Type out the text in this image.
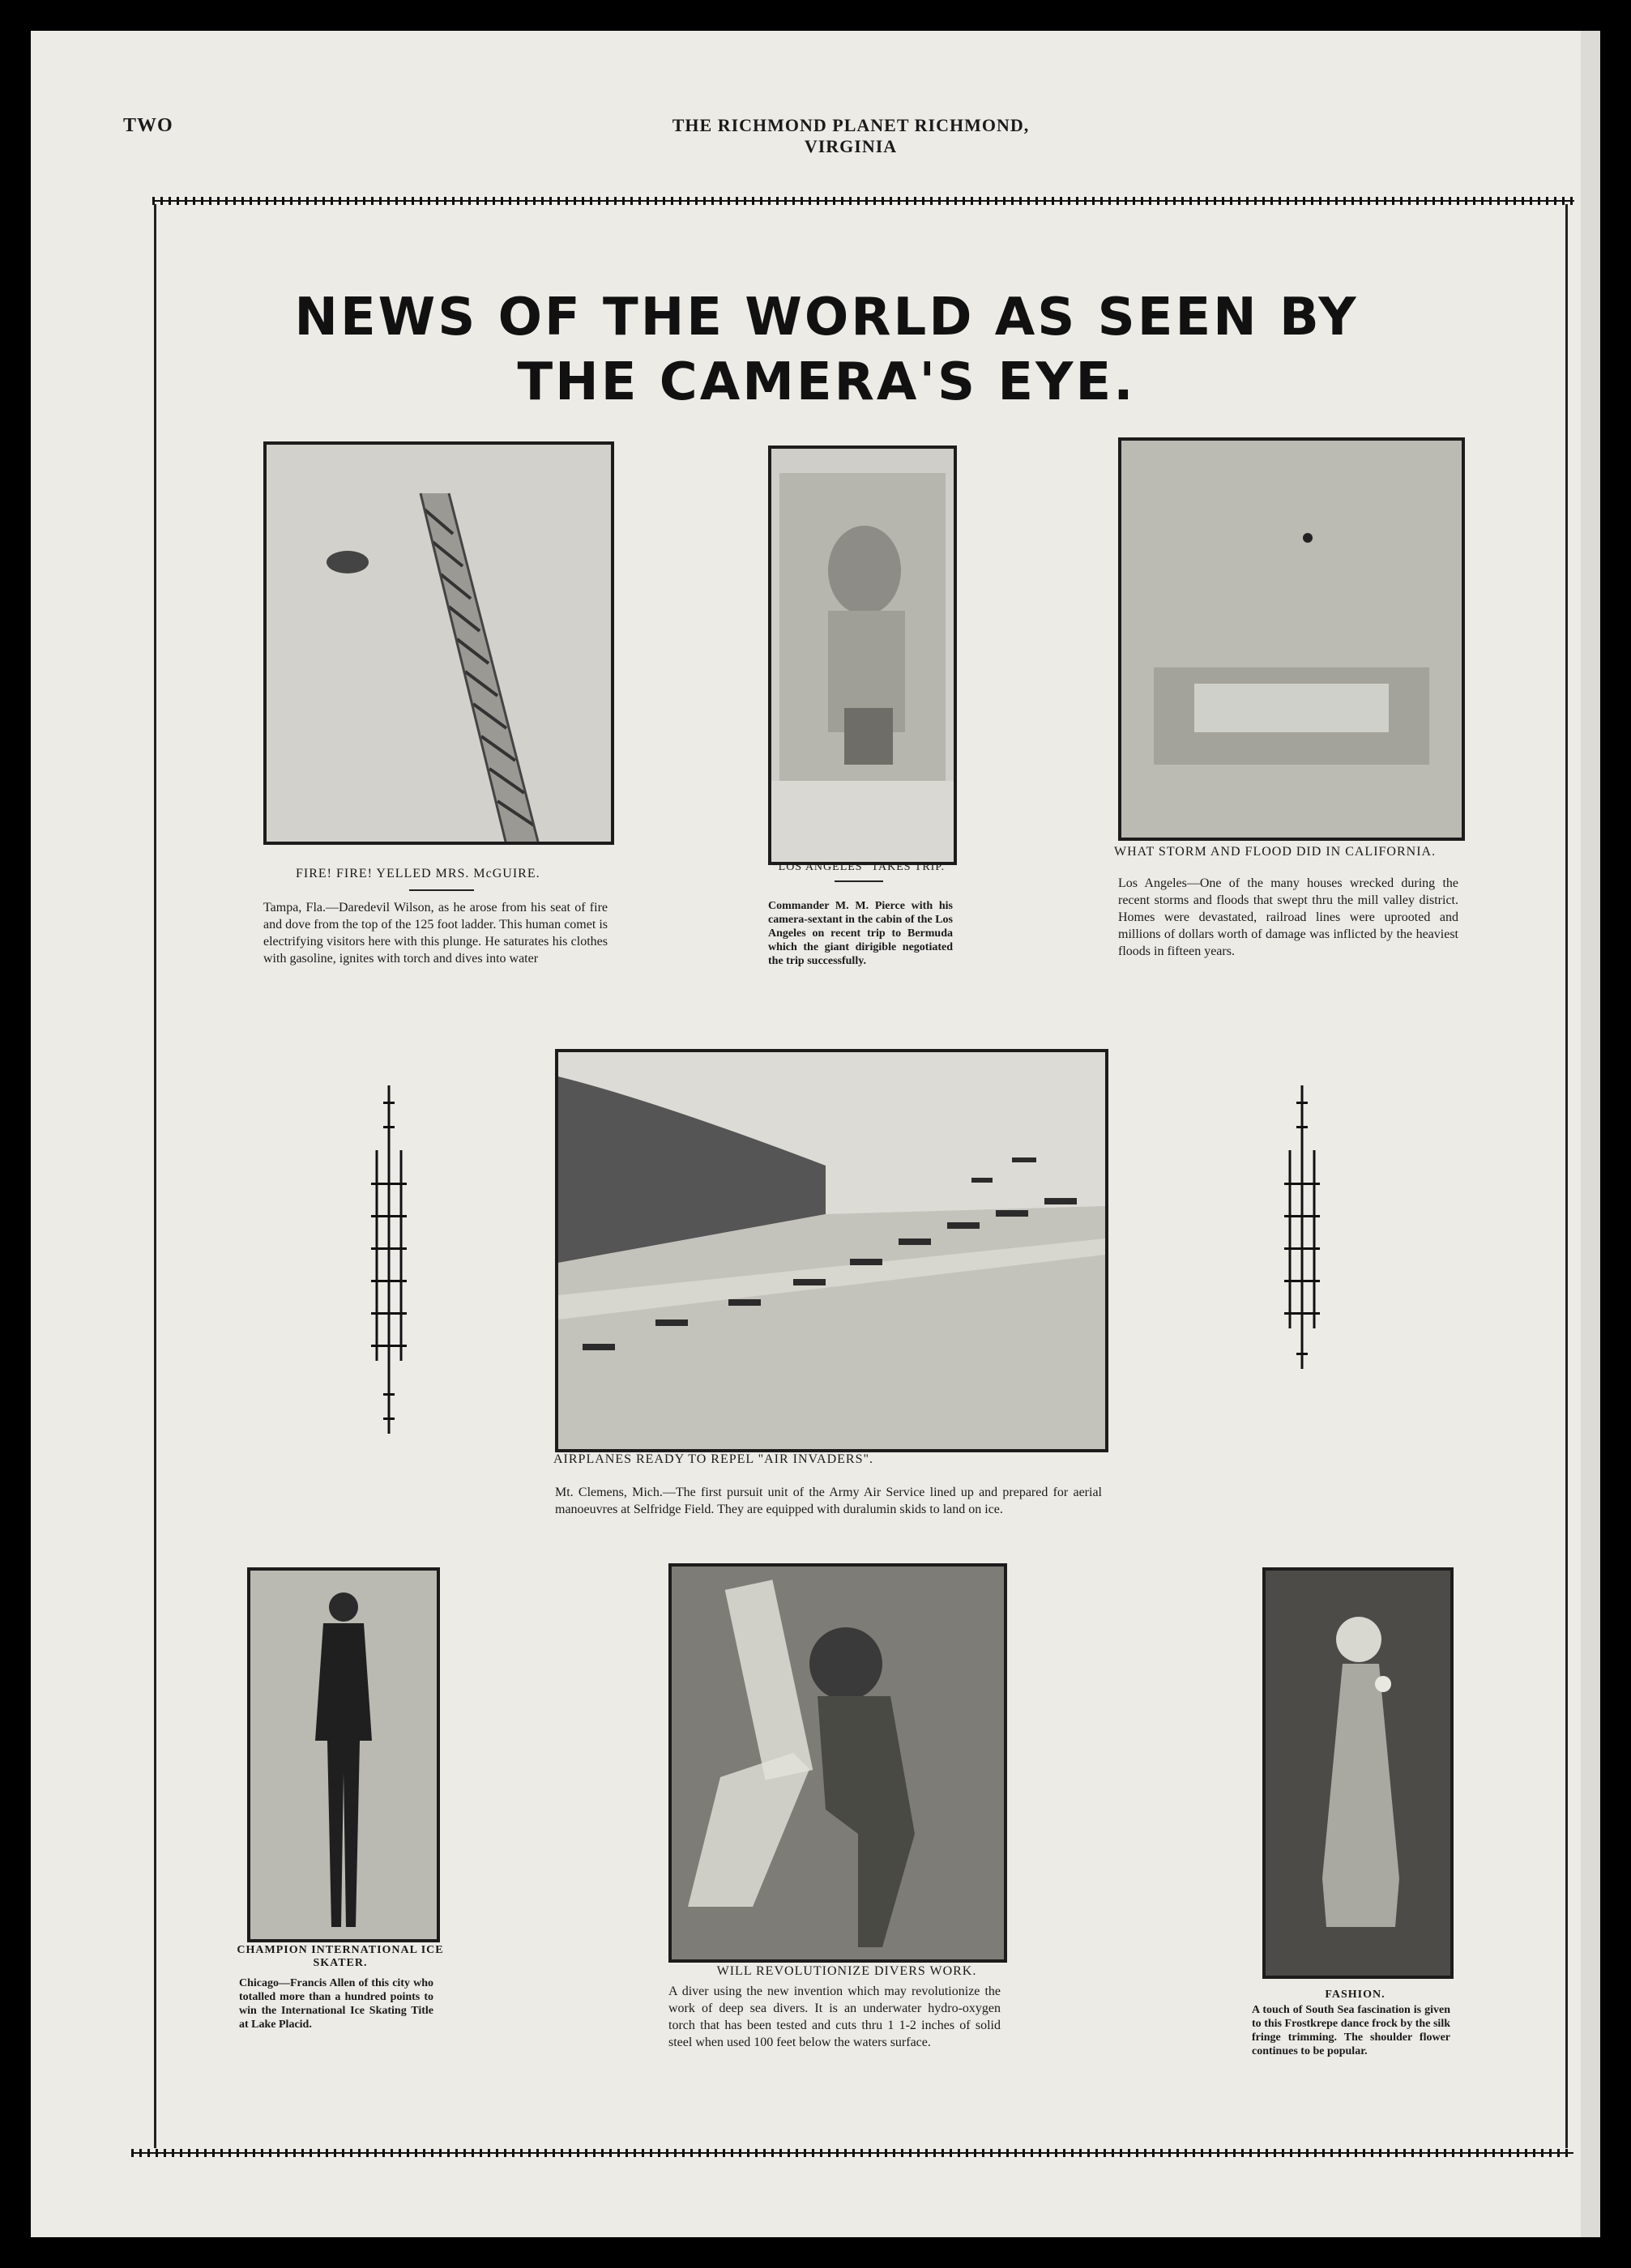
TWO	THE RICHMOND PLANET RICHMOND, VIRGINIA
NEWS OF THE WORLD AS SEEN BY
THE CAMERA'S EYE.
FIRE! FIRE! YELLED MRS. McGUIRE.
Tampa, Fla.—Daredevil Wilson, as he arose from his seat of fire and dove from the top of the 125 foot ladder. This human comet is electrifying visitors here with this plunge. He saturates his clothes with gasoline, ignites with torch and dives into water
"LOS ANGELES" TAKES TRIP.
Commander M. M. Pierce with his camera-sextant in the cabin of the Los Angeles on recent trip to Bermuda which the giant dirigible negotiated the trip successfully.
WHAT STORM AND FLOOD DID IN CALIFORNIA.
Los Angeles—One of the many houses wrecked during the recent storms and floods that swept thru the mill valley district. Homes were devastated, railroad lines were uprooted and millions of dollars worth of damage was inflicted by the heaviest floods in fifteen years.
AIRPLANES READY TO REPEL "AIR INVADERS".
Mt. Clemens, Mich.—The first pursuit unit of the Army Air Service lined up and prepared for aerial manoeuvres at Selfridge Field. They are equipped with duralumin skids to land on ice.
CHAMPION INTERNATIONAL ICE SKATER.
Chicago—Francis Allen of this city who totalled more than a hundred points to win the International Ice Skating Title at Lake Placid.
WILL REVOLUTIONIZE DIVERS WORK.
A diver using the new invention which may revolutionize the work of deep sea divers. It is an underwater hydro-oxygen torch that has been tested and cuts thru 1 1-2 inches of solid steel when used 100 feet below the waters surface.
FASHION.
A touch of South Sea fascination is given to this Frostkrepe dance frock by the silk fringe trimming. The shoulder flower continues to be popular.
